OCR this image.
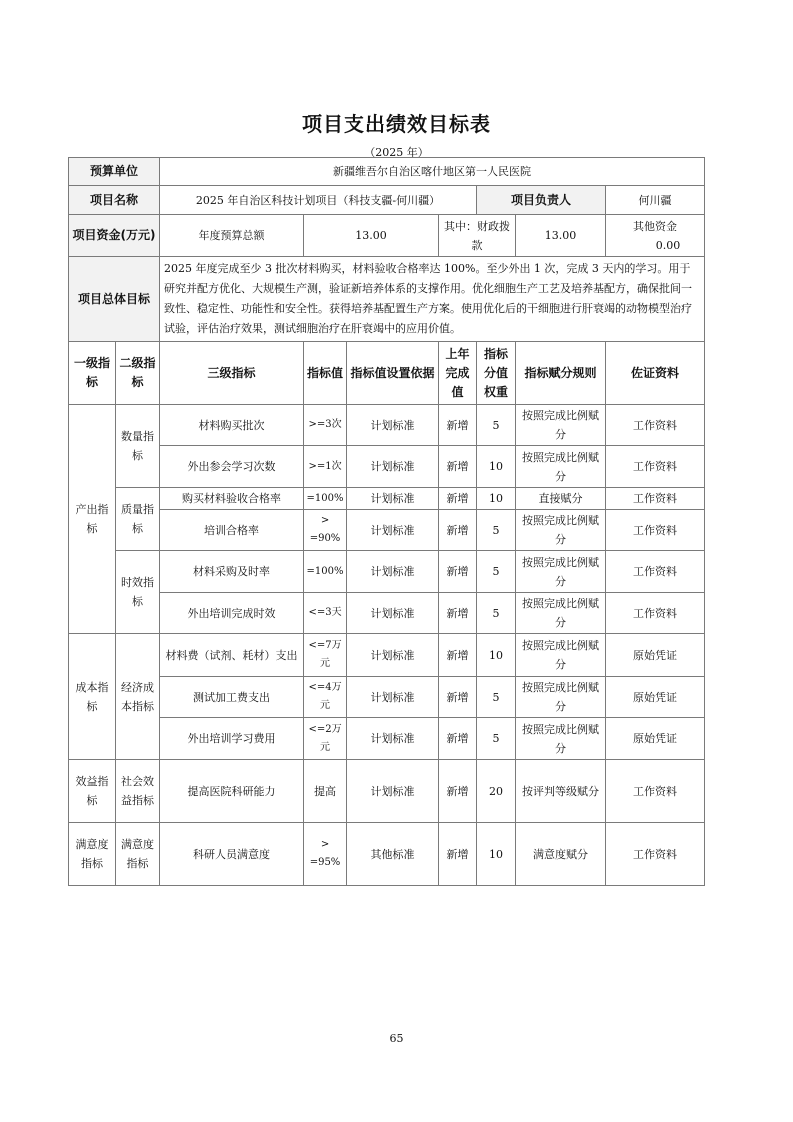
项目支出绩效目标表
（2025 年）
预算单位		新疆维吾尔自治区喀什地区第一人民医院						
项目名称		2025 年自治区科技计划项目（科技支疆-何川疆）				项目负责人		何川疆
项目资金(万元)		年度预算总额	13.00		其中：财政拨款		13.00	其他资金 0.00
项目总体目标		2025 年度完成至少 3 批次材料购买，材料验收合格率达 100%。至少外出 1 次，完成 3 天内的学习。用于研究并配方优化、大规模生产测，验证新培养体系的支撑作用。优化细胞生产工艺及培养基配方，确保批间一致性、稳定性、功能性和安全性。获得培养基配置生产方案。使用优化后的干细胞进行肝衰竭的动物模型治疗试验，评估治疗效果，测试细胞治疗在肝衰竭中的应用价值。						
一级指标	二级指标	三级指标	指标值	指标值设置依据	上年完成值	指标分值权重	指标赋分规则	佐证资料
产出指标	数量指标	材料购买批次	>=3次	计划标准	新增	5	按照完成比例赋分	工作资料
		外出参会学习次数	>=1次	计划标准	新增	10	按照完成比例赋分	工作资料
	质量指标	购买材料验收合格率	=100%	计划标准	新增	10	直接赋分	工作资料
		培训合格率	> =90%	计划标准	新增	5	按照完成比例赋分	工作资料
	时效指标	材料采购及时率	=100%	计划标准	新增	5	按照完成比例赋分	工作资料
		外出培训完成时效	<=3天	计划标准	新增	5	按照完成比例赋分	工作资料
成本指标	经济成本指标	材料费（试剂、耗材）支出	<=7万元	计划标准	新增	10	按照完成比例赋分	原始凭证
		测试加工费支出	<=4万元	计划标准	新增	5	按照完成比例赋分	原始凭证
		外出培训学习费用	<=2万元	计划标准	新增	5	按照完成比例赋分	原始凭证
效益指标	社会效益指标	提高医院科研能力	提高	计划标准	新增	20	按评判等级赋分	工作资料
满意度指标	满意度指标	科研人员满意度	> =95%	其他标准	新增	10	满意度赋分	工作资料
65
